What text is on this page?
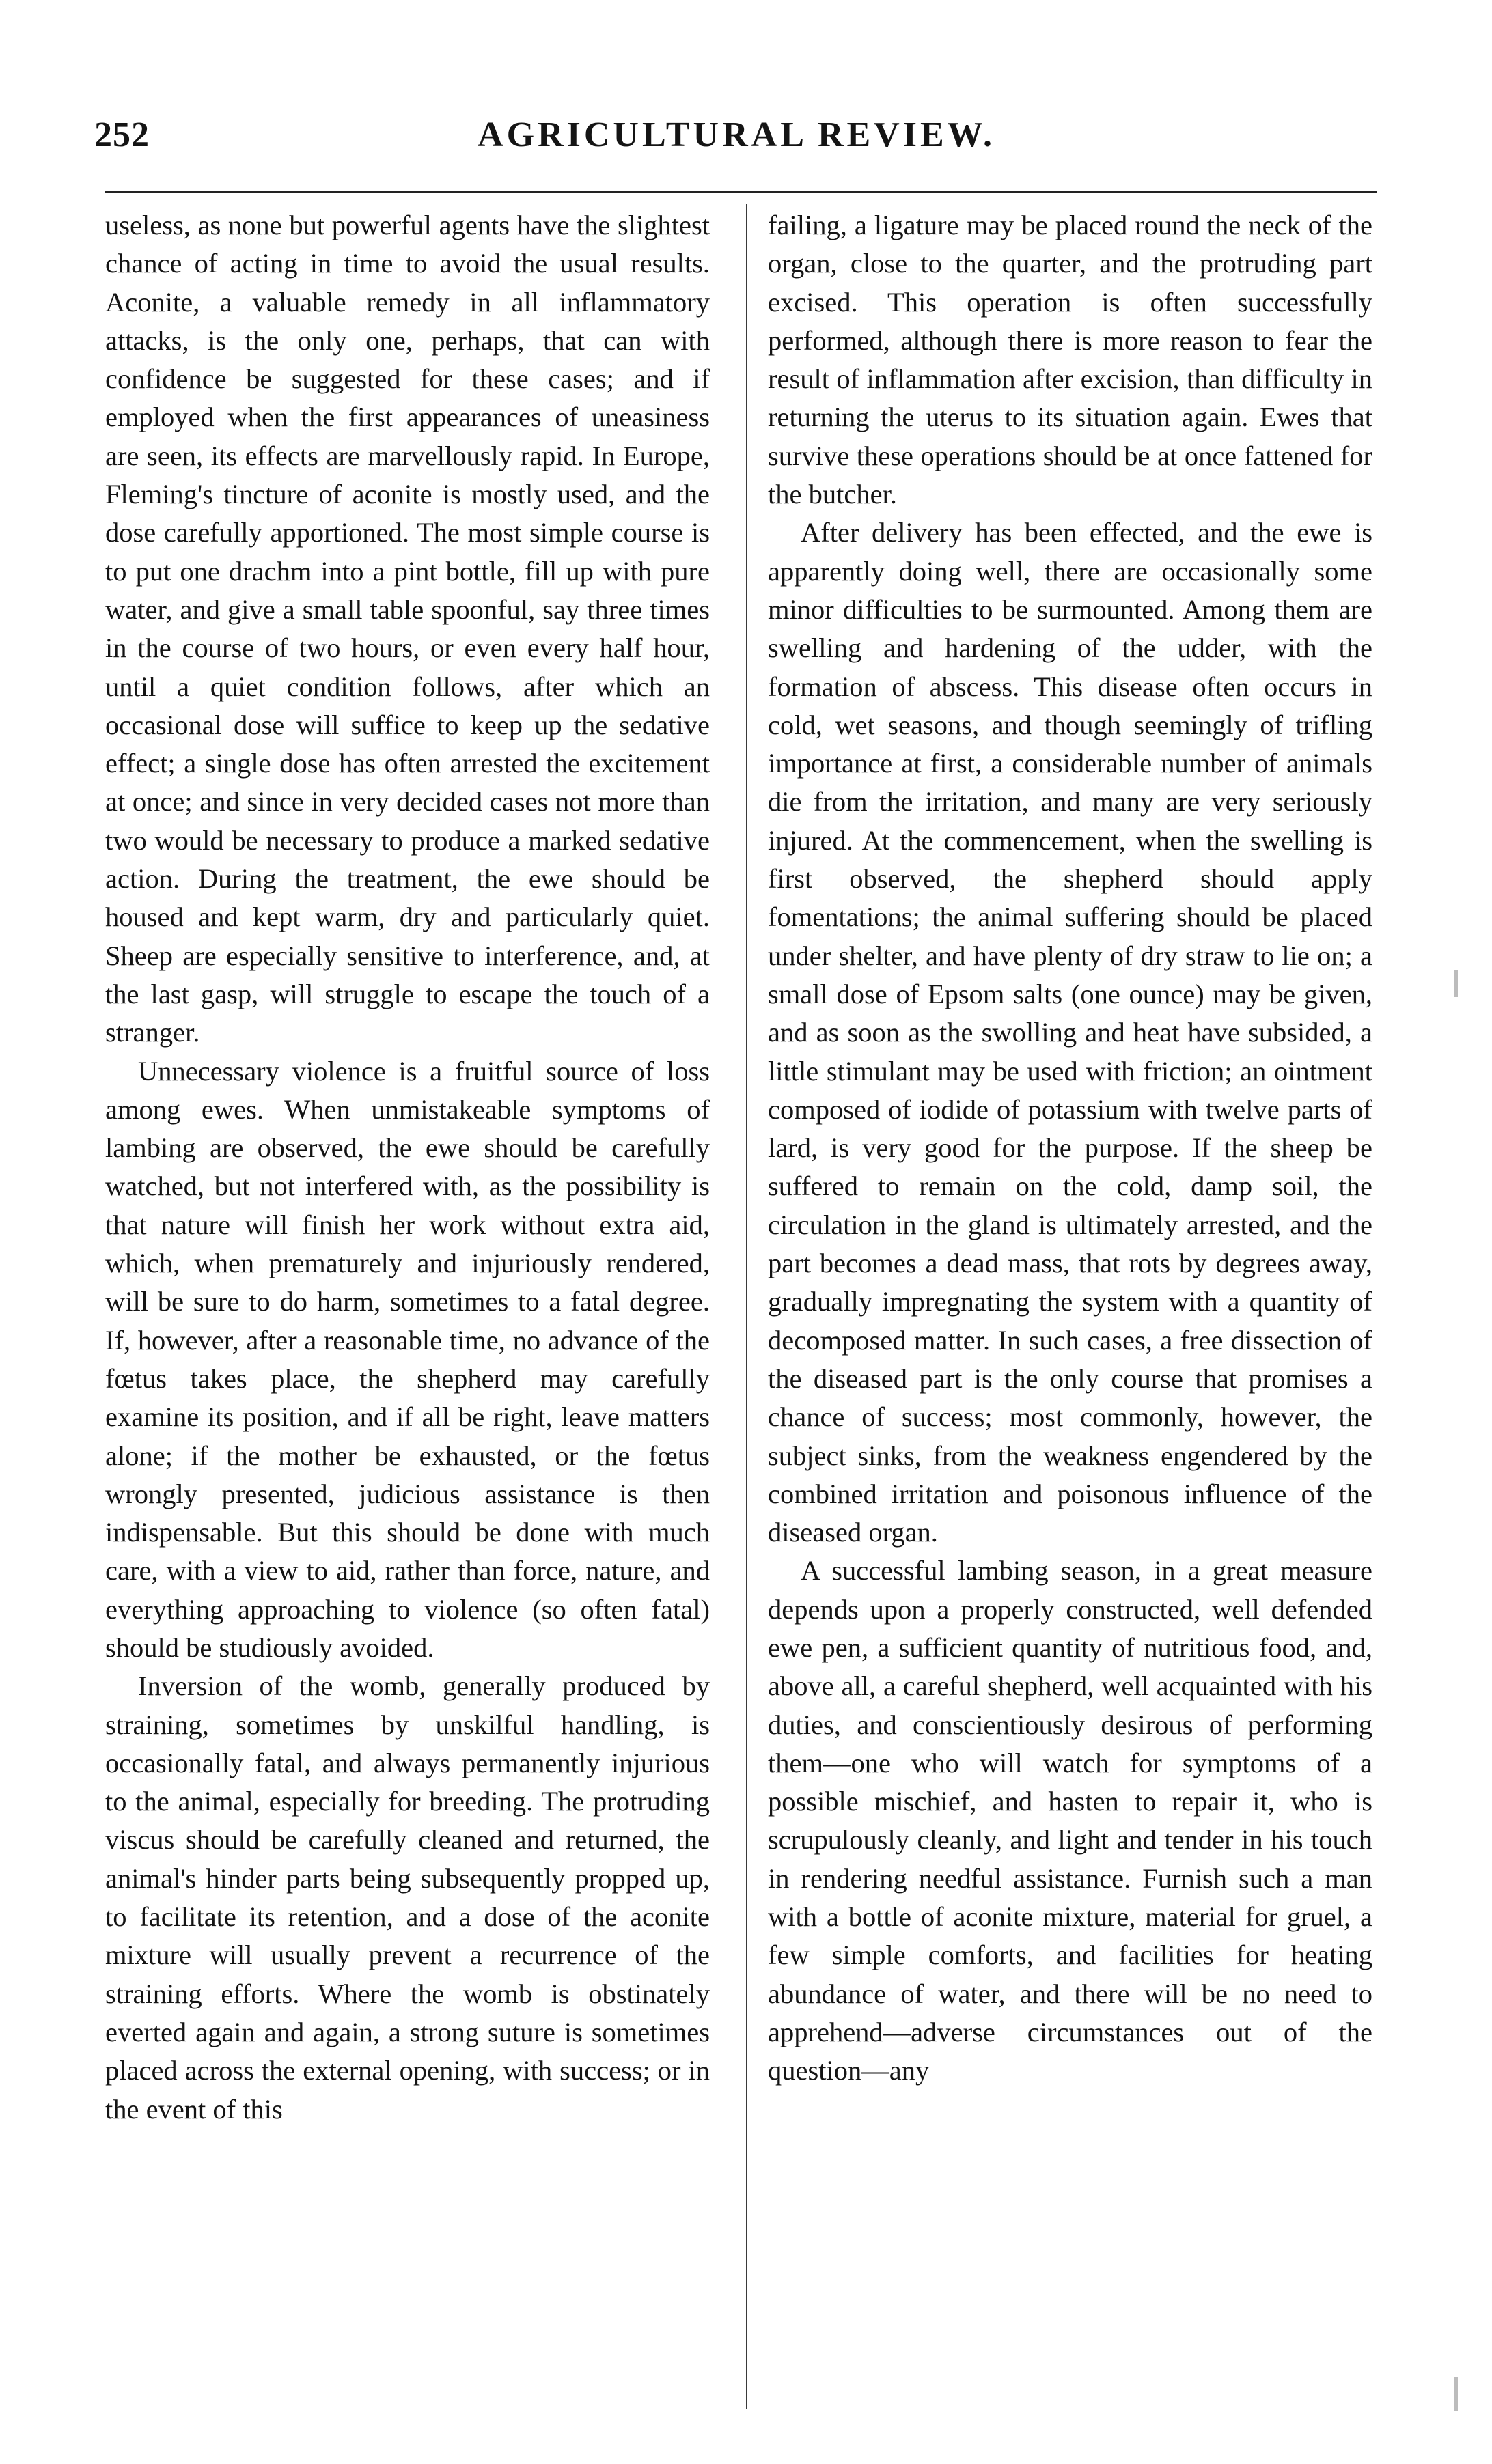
252	AGRICULTURAL REVIEW.

useless, as none but powerful agents have the slightest chance of acting in time to avoid the usual results. Aconite, a valuable remedy in all inflammatory attacks, is the only one, perhaps, that can with confidence be suggested for these cases; and if employed when the first appearances of uneasiness are seen, its effects are marvellously rapid. In Europe, Fleming's tincture of aconite is mostly used, and the dose carefully apportioned. The most simple course is to put one drachm into a pint bottle, fill up with pure water, and give a small table spoonful, say three times in the course of two hours, or even every half hour, until a quiet condition follows, after which an occasional dose will suffice to keep up the sedative effect; a single dose has often arrested the excitement at once; and since in very decided cases not more than two would be necessary to produce a marked sedative action. During the treatment, the ewe should be housed and kept warm, dry and particularly quiet. Sheep are especially sensitive to interference, and, at the last gasp, will struggle to escape the touch of a stranger.

Unnecessary violence is a fruitful source of loss among ewes. When unmistakeable symptoms of lambing are observed, the ewe should be carefully watched, but not interfered with, as the possibility is that nature will finish her work without extra aid, which, when prematurely and injuriously rendered, will be sure to do harm, sometimes to a fatal degree. If, however, after a reasonable time, no advance of the fœtus takes place, the shepherd may carefully examine its position, and if all be right, leave matters alone; if the mother be exhausted, or the fœtus wrongly presented, judicious assistance is then indispensable. But this should be done with much care, with a view to aid, rather than force, nature, and everything approaching to violence (so often fatal) should be studiously avoided.

Inversion of the womb, generally produced by straining, sometimes by unskilful handling, is occasionally fatal, and always permanently injurious to the animal, especially for breeding. The protruding viscus should be carefully cleaned and returned, the animal's hinder parts being subsequently propped up, to facilitate its retention, and a dose of the aconite mixture will usually prevent a recurrence of the straining efforts. Where the womb is obstinately everted again and again, a strong suture is sometimes placed across the external opening, with success; or in the event of this

failing, a ligature may be placed round the neck of the organ, close to the quarter, and the protruding part excised. This operation is often successfully performed, although there is more reason to fear the result of inflammation after excision, than difficulty in returning the uterus to its situation again. Ewes that survive these operations should be at once fattened for the butcher.

After delivery has been effected, and the ewe is apparently doing well, there are occasionally some minor difficulties to be surmounted. Among them are swelling and hardening of the udder, with the formation of abscess. This disease often occurs in cold, wet seasons, and though seemingly of trifling importance at first, a considerable number of animals die from the irritation, and many are very seriously injured. At the commencement, when the swelling is first observed, the shepherd should apply fomentations; the animal suffering should be placed under shelter, and have plenty of dry straw to lie on; a small dose of Epsom salts (one ounce) may be given, and as soon as the swolling and heat have subsided, a little stimulant may be used with friction; an ointment composed of iodide of potassium with twelve parts of lard, is very good for the purpose. If the sheep be suffered to remain on the cold, damp soil, the circulation in the gland is ultimately arrested, and the part becomes a dead mass, that rots by degrees away, gradually impregnating the system with a quantity of decomposed matter. In such cases, a free dissection of the diseased part is the only course that promises a chance of success; most commonly, however, the subject sinks, from the weakness engendered by the combined irritation and poisonous influence of the diseased organ.

A successful lambing season, in a great measure depends upon a properly constructed, well defended ewe pen, a sufficient quantity of nutritious food, and, above all, a careful shepherd, well acquainted with his duties, and conscientiously desirous of performing them—one who will watch for symptoms of a possible mischief, and hasten to repair it, who is scrupulously cleanly, and light and tender in his touch in rendering needful assistance. Furnish such a man with a bottle of aconite mixture, material for gruel, a few simple comforts, and facilities for heating abundance of water, and there will be no need to apprehend—adverse circumstances out of the question—any
